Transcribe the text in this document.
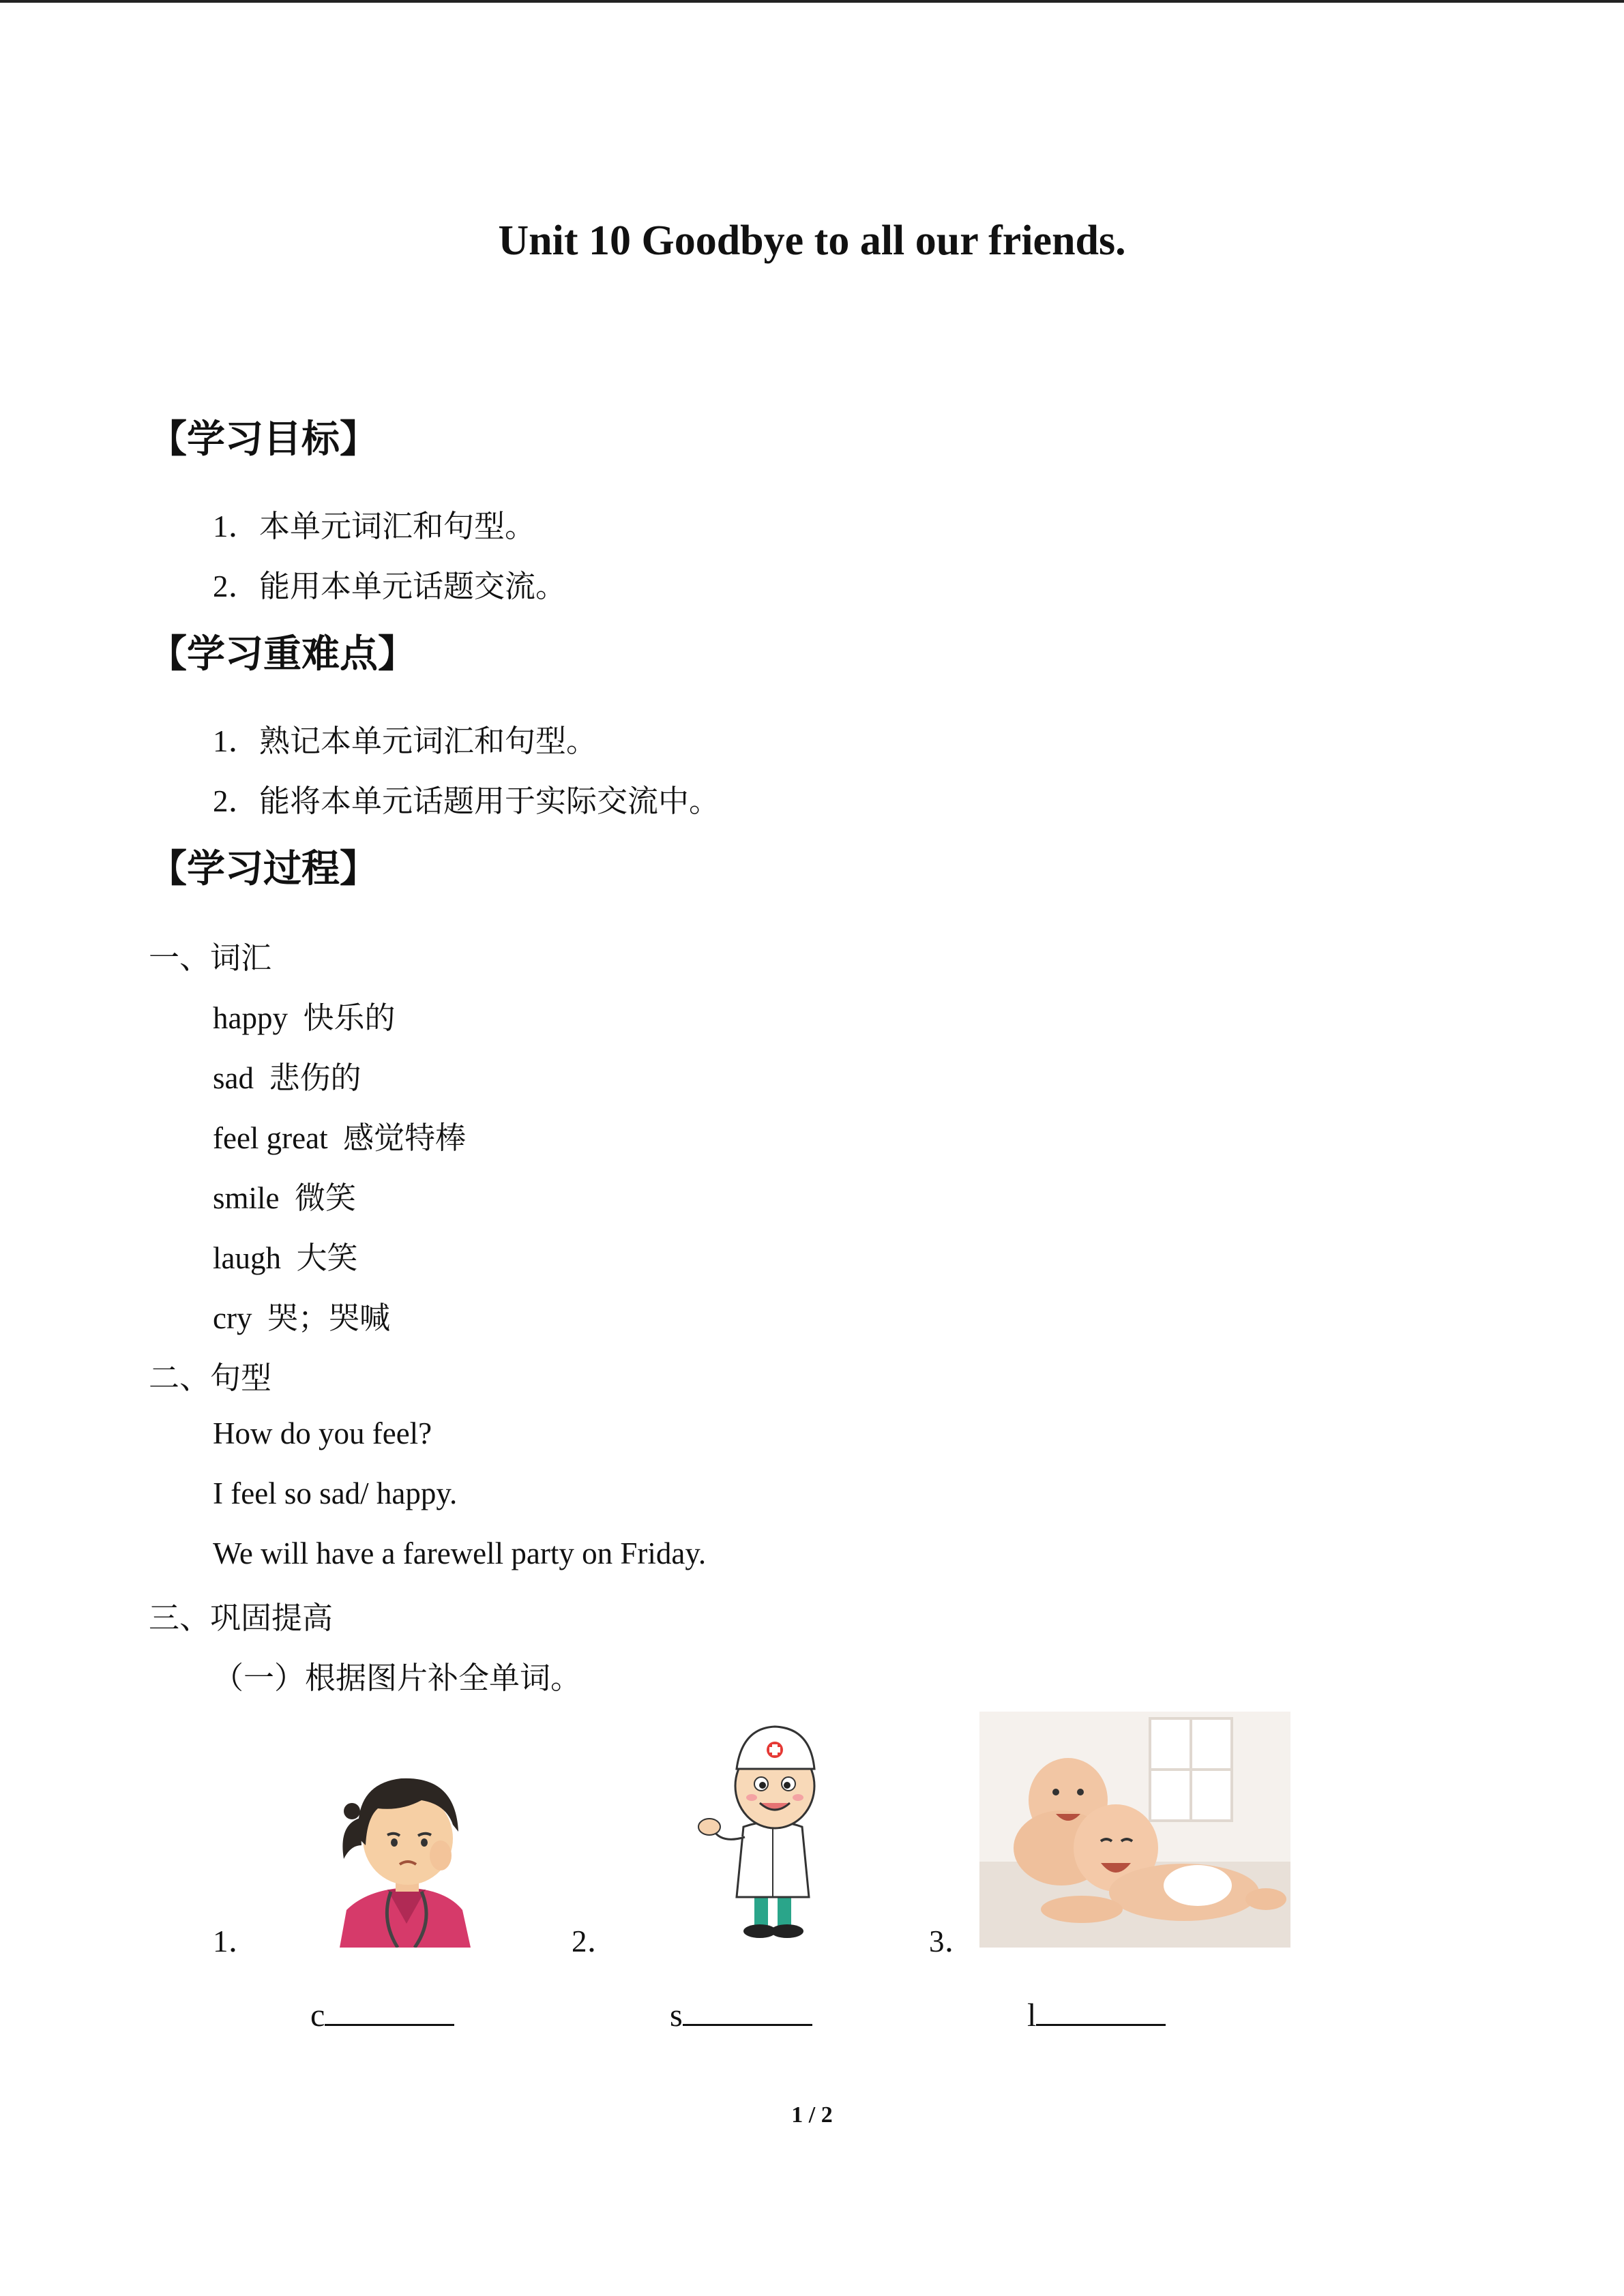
Unit 10 Goodbye to all our friends.
【学习目标】
1．本单元词汇和句型。
2．能用本单元话题交流。
【学习重难点】
1．熟记本单元词汇和句型。
2．能将本单元话题用于实际交流中。
【学习过程】
一、词汇
happy  快乐的
sad  悲伤的
feel great  感觉特棒
smile  微笑
laugh  大笑
cry  哭；哭喊
二、句型
How do you feel?
I feel so sad/ happy.
We will have a farewell party on Friday.
三、巩固提高
（一）根据图片补全单词。
1．	2．	3．
c	s	l
1 / 2
